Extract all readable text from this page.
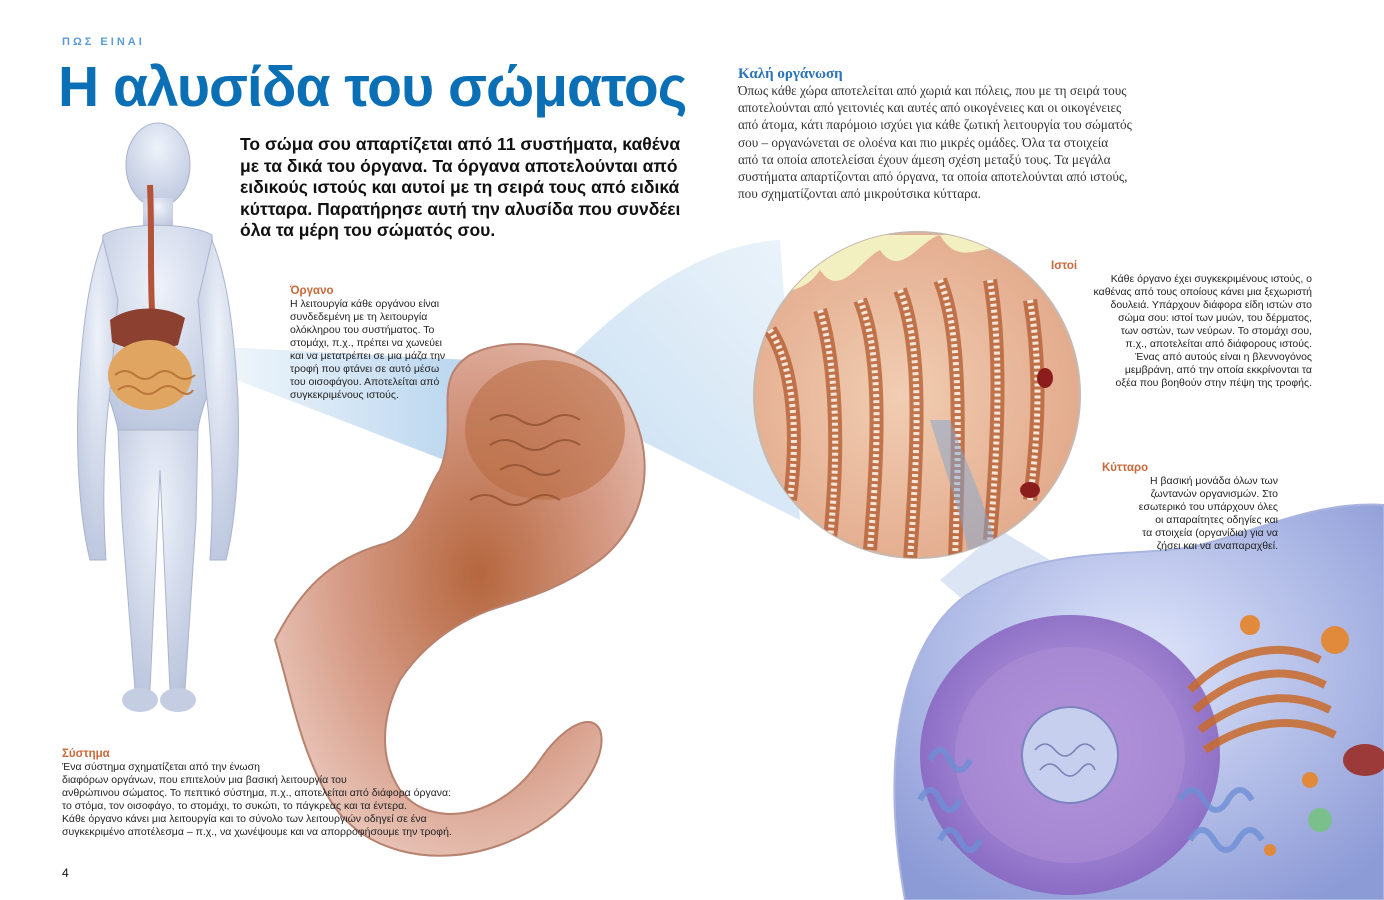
ΠΩΣ ΕΙΝΑΙ
Η αλυσίδα του σώματος
Το σώμα σου απαρτίζεται από 11 συστήματα, καθένα
με τα δικά του όργανα. Τα όργανα αποτελούνται από
ειδικούς ιστούς και αυτοί με τη σειρά τους από ειδικά
κύτταρα. Παρατήρησε αυτή την αλυσίδα που συνδέει
όλα τα μέρη του σώματός σου.
Καλή οργάνωση
Όπως κάθε χώρα αποτελείται από χωριά και πόλεις, που με τη σειρά τους
αποτελούνται από γειτονιές και αυτές από οικογένειες και οι οικογένειες
από άτομα, κάτι παρόμοιο ισχύει για κάθε ζωτική λειτουργία του σώματός
σου – οργανώνεται σε ολοένα και πιο μικρές ομάδες. Όλα τα στοιχεία
από τα οποία αποτελείσαι έχουν άμεση σχέση μεταξύ τους. Τα μεγάλα
συστήματα απαρτίζονται από όργανα, τα οποία αποτελούνται από ιστούς,
που σχηματίζονται από μικρούτσικα κύτταρα.
Όργανο
Η λειτουργία κάθε οργάνου είναι
συνδεδεμένη με τη λειτουργία
ολόκληρου του συστήματος. Το
στομάχι, π.χ., πρέπει να χωνεύει
και να μετατρέπει σε μια μάζα την
τροφή που φτάνει σε αυτό μέσω
του οισοφάγου. Αποτελείται από
συγκεκριμένους ιστούς.
Ιστοί
Κάθε όργανο έχει συγκεκριμένους ιστούς, ο
καθένας από τους οποίους κάνει μια ξεχωριστή
δουλειά. Υπάρχουν διάφορα είδη ιστών στο
σώμα σου: ιστοί των μυών, του δέρματος,
των οστών, των νεύρων. Το στομάχι σου,
π.χ., αποτελείται από διάφορους ιστούς.
Ένας από αυτούς είναι η βλεννογόνος
μεμβράνη, από την οποία εκκρίνονται τα
οξέα που βοηθούν στην πέψη της τροφής.
Κύτταρο
Η βασική μονάδα όλων των
ζωντανών οργανισμών. Στο
εσωτερικό του υπάρχουν όλες
οι απαραίτητες οδηγίες και
τα στοιχεία (οργανίδια) για να
ζήσει και να αναπαραχθεί.
Σύστημα
Ένα σύστημα σχηματίζεται από την ένωση
διαφόρων οργάνων, που επιτελούν μια βασική λειτουργία του
ανθρώπινου σώματος. Το πεπτικό σύστημα, π.χ., αποτελείται από διάφορα όργανα:
το στόμα, τον οισοφάγο, το στομάχι, το συκώτι, το πάγκρεας και τα έντερα.
Κάθε όργανο κάνει μια λειτουργία και το σύνολο των λειτουργιών οδηγεί σε ένα
συγκεκριμένο αποτέλεσμα – π.χ., να χωνέψουμε και να απορροφήσουμε την τροφή.
4
